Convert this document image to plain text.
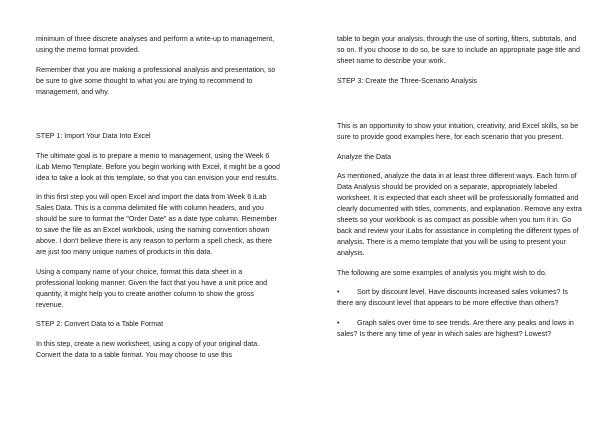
minimum of three discrete analyses and perform a write-up to management, using the memo format provided.

Remember that you are making a professional analysis and presentation, so be sure to give some thought to what you are trying to recommend to management, and why.

STEP 1: Import Your Data Into Excel

The ultimate goal is to prepare a memo to management, using the Week 6 iLab Memo Template. Before you begin working with Excel, it might be a good idea to take a look at this template, so that you can envision your end results.

In this first step you will open Excel and import the data from Week 6 iLab Sales Data. This is a comma delimited file with column headers, and you should be sure to format the "Order Date" as a date type column. Remember to save the file as an Excel workbook, using the naming convention shown above. I don't believe there is any reason to perform a spell check, as there are just too many unique names of products in this data.

Using a company name of your choice, format this data sheet in a professional looking manner. Given the fact that you have a unit price and quantity, it might help you to create another column to show the gross revenue.

STEP 2: Convert Data to a Table Format

In this step, create a new worksheet, using a copy of your original data. Convert the data to a table format. You may choose to use this

table to begin your analysis, through the use of sorting, filters, subtotals, and so on. If you choose to do so, be sure to include an appropriate page title and sheet name to describe your work.

STEP 3: Create the Three-Scenario Analysis

This is an opportunity to show your intuition, creativity, and Excel skills, so be sure to provide good examples here, for each scenario that you present.

Analyze the Data

As mentioned, analyze the data in at least three different ways. Each form of Data Analysis should be provided on a separate, appropriately labeled worksheet. It is expected that each sheet will be professionally formatted and clearly documented with titles, comments, and explanation. Remove any extra sheets so your workbook is as compact as possible when you turn it in. Go back and review your iLabs for assistance in completing the different types of analysis. There is a memo template that you will be using to present your analysis.

The following are some examples of analysis you might wish to do.

• Sort by discount level. Have discounts increased sales volumes? Is there any discount level that appears to be more effective than others?

• Graph sales over time to see trends. Are there any peaks and lows in sales? Is there any time of year in which sales are highest? Lowest?
